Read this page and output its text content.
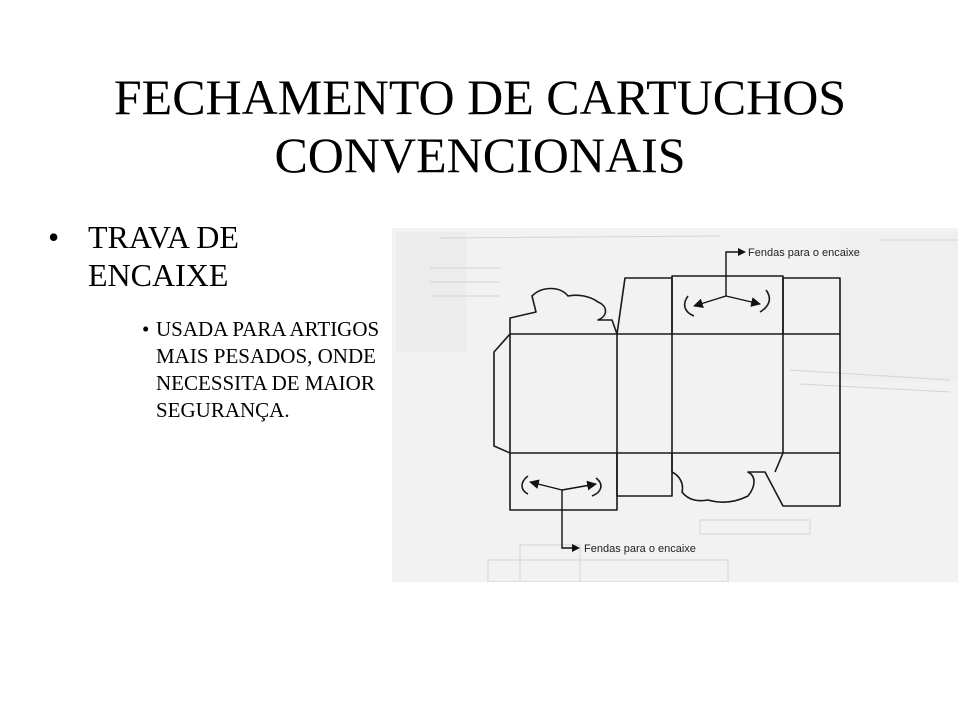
FECHAMENTO DE CARTUCHOS CONVENCIONAIS
• TRAVA DE ENCAIXE
• USADA PARA ARTIGOS MAIS PESADOS, ONDE NECESSITA DE MAIOR SEGURANÇA.
Fendas para o encaixe
Fendas para o encaixe
